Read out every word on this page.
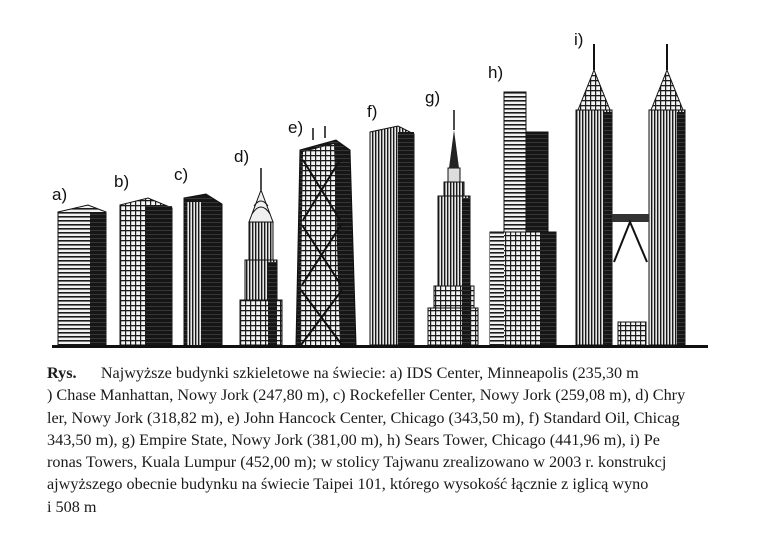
a)
b)	c)
d)
e)
f)
g)
h)
i)
Rys. Najwyższe budynki szkieletowe na świecie: a) IDS Center, Minneapolis (235,30 m
) Chase Manhattan, Nowy Jork (247,80 m), c) Rockefeller Center, Nowy Jork (259,08 m), d) Chry
ler, Nowy Jork (318,82 m), e) John Hancock Center, Chicago (343,50 m), f) Standard Oil, Chicag
343,50 m), g) Empire State, Nowy Jork (381,00 m), h) Sears Tower, Chicago (441,96 m), i) Pe
ronas Towers, Kuala Lumpur (452,00 m); w stolicy Tajwanu zrealizowano w 2003 r. konstrukcj
ajwyższego obecnie budynku na świecie Taipei 101, którego wysokość łącznie z iglicą wyno
i 508 m
